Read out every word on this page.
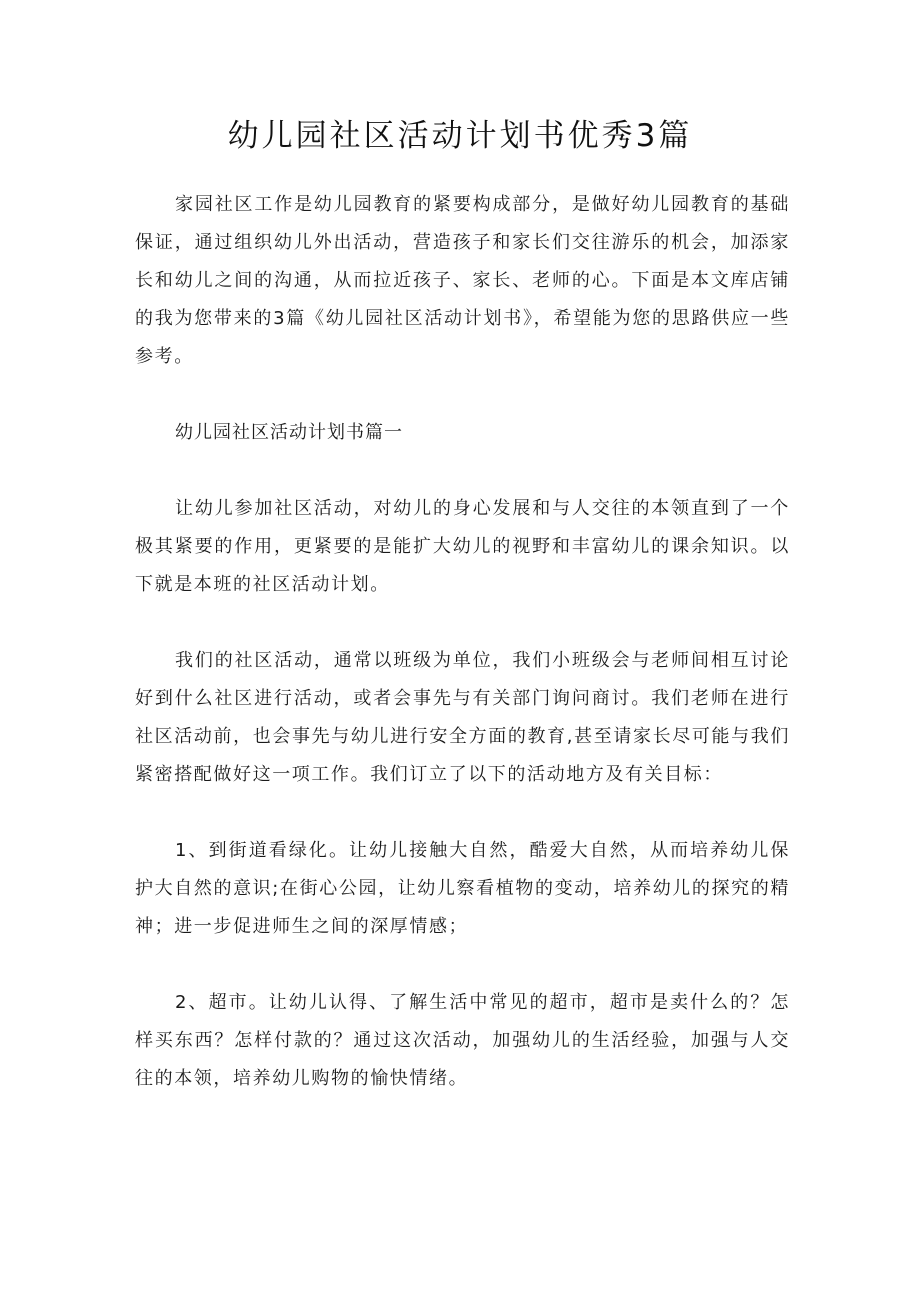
幼儿园社区活动计划书优秀3篇

家园社区工作是幼儿园教育的紧要构成部分，是做好幼儿园教育的基础保证，通过组织幼儿外出活动，营造孩子和家长们交往游乐的机会，加添家长和幼儿之间的沟通，从而拉近孩子、家长、老师的心。下面是本文库店铺的我为您带来的3篇《幼儿园社区活动计划书》，希望能为您的思路供应一些参考。

幼儿园社区活动计划书篇一

让幼儿参加社区活动，对幼儿的身心发展和与人交往的本领直到了一个极其紧要的作用，更紧要的是能扩大幼儿的视野和丰富幼儿的课余知识。以下就是本班的社区活动计划。

我们的社区活动，通常以班级为单位，我们小班级会与老师间相互讨论好到什么社区进行活动，或者会事先与有关部门询问商讨。我们老师在进行社区活动前，也会事先与幼儿进行安全方面的教育,甚至请家长尽可能与我们紧密搭配做好这一项工作。我们订立了以下的活动地方及有关目标：

1、到街道看绿化。让幼儿接触大自然，酷爱大自然，从而培养幼儿保护大自然的意识;在街心公园，让幼儿察看植物的变动，培养幼儿的探究的精神；进一步促进师生之间的深厚情感；

2、超市。让幼儿认得、了解生活中常见的超市，超市是卖什么的？怎样买东西？怎样付款的？通过这次活动，加强幼儿的生活经验，加强与人交往的本领，培养幼儿购物的愉快情绪。
